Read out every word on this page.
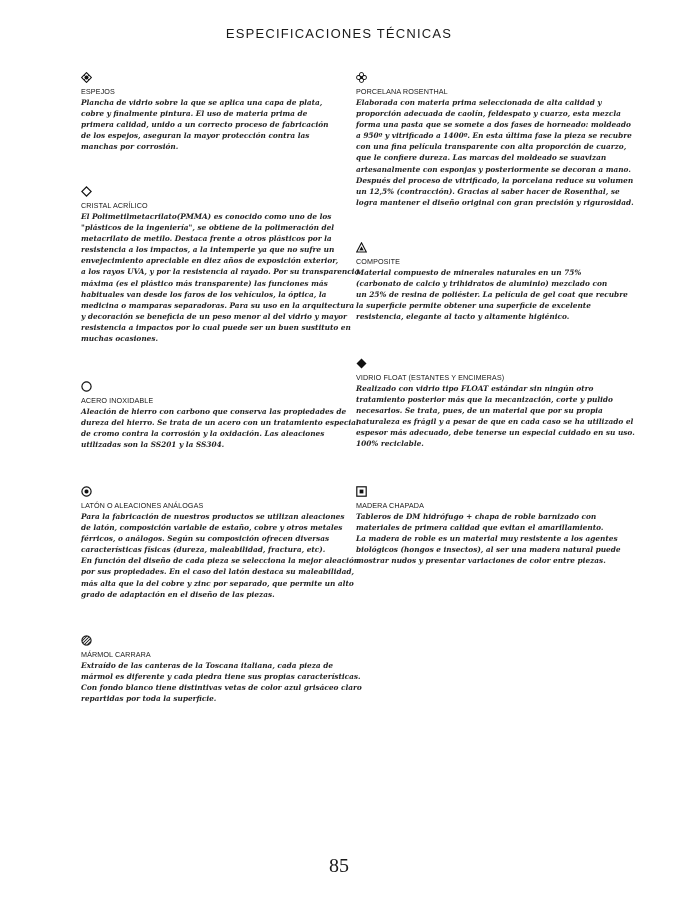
ESPECIFICACIONES TÉCNICAS
ESPEJOS

Plancha de vidrio sobre la que se aplica una capa de plata,
cobre y finalmente pintura. El uso de materia prima de
primera calidad, unido a un correcto proceso de fabricación
de los espejos, aseguran la mayor protección contra las
manchas por corrosión.

PORCELANA ROSENTHAL

Elaborada con materia prima seleccionada de alta calidad y
proporción adecuada de caolín, feldespato y cuarzo, esta mezcla
forma una pasta que se somete a dos fases de horneado: moldeado
a 950º y vitrificado a 1400º. En esta última fase la pieza se recubre
con una fina película transparente con alta proporción de cuarzo,
que le confiere dureza. Las marcas del moldeado se suavizan
artesanalmente con esponjas y posteriormente se decoran a mano.
Después del proceso de vitrificado, la porcelana reduce su volumen
un 12,5% (contracción). Gracias al saber hacer de Rosenthal, se
logra mantener el diseño original con gran precisión y rigurosidad.

CRISTAL ACRÍLICO

El Polimetilmetacrilato(PMMA) es conocido como uno de los
"plásticos de la ingeniería", se obtiene de la polimeración del
metacrilato de metilo. Destaca frente a otros plásticos por la
resistencia a los impactos, a la intemperie ya que no sufre un
envejecimiento apreciable en diez años de exposición exterior,
a los rayos UVA, y por la resistencia al rayado. Por su transparencia
máxima (es el plástico más transparente) las funciones más
habituales van desde los faros de los vehículos, la óptica, la
medicina o mamparas separadoras. Para su uso en la arquitectura
y decoración se beneficia de un peso menor al del vidrio y mayor
resistencia a impactos por lo cual puede ser un buen sustituto en
muchas ocasiones.

COMPOSITE

Material compuesto de minerales naturales en un 75%
(carbonato de calcio y trihidratos de aluminio) mezclado con
un 25% de resina de poliéster. La película de gel coat que recubre
la superficie permite obtener una superficie de excelente
resistencia, elegante al tacto y altamente higiénico.

VIDRIO FLOAT (ESTANTES Y ENCIMERAS)

Realizado con vidrio tipo FLOAT estándar sin ningún otro
tratamiento posterior más que la mecanización, corte y pulido
necesarios. Se trata, pues, de un material que por su propia
naturaleza es frágil y a pesar de que en cada caso se ha utilizado el
espesor más adecuado, debe tenerse un especial cuidado en su uso.
100% reciclable.

ACERO INOXIDABLE

Aleación de hierro con carbono que conserva las propiedades de
dureza del hierro. Se trata de un acero con un tratamiento especial
de cromo contra la corrosión y la oxidación. Las aleaciones
utilizadas son la SS201 y la SS304.

LATÓN O ALEACIONES ANÁLOGAS

Para la fabricación de nuestros productos se utilizan aleaciones
de latón, composición variable de estaño, cobre y otros metales
férricos, o análogos. Según su composición ofrecen diversas
características físicas (dureza, maleabilidad, fractura, etc).
En función del diseño de cada pieza se selecciona la mejor aleación
por sus propiedades. En el caso del latón destaca su maleabilidad,
más alta que la del cobre y zinc por separado, que permite un alto
grado de adaptación en el diseño de las piezas.

MADERA CHAPADA

Tableros de DM hidrófugo + chapa de roble barnizado con
materiales de primera calidad que evitan el amarillamiento.
La madera de roble es un material muy resistente a los agentes
biológicos (hongos e insectos), al ser una madera natural puede
mostrar nudos y presentar variaciones de color entre piezas.

MÁRMOL CARRARA

Extraído de las canteras de la Toscana italiana, cada pieza de
mármol es diferente y cada piedra tiene sus propias características.
Con fondo blanco tiene distintivas vetas de color azul grisáceo claro
repartidas por toda la superficie.

85
